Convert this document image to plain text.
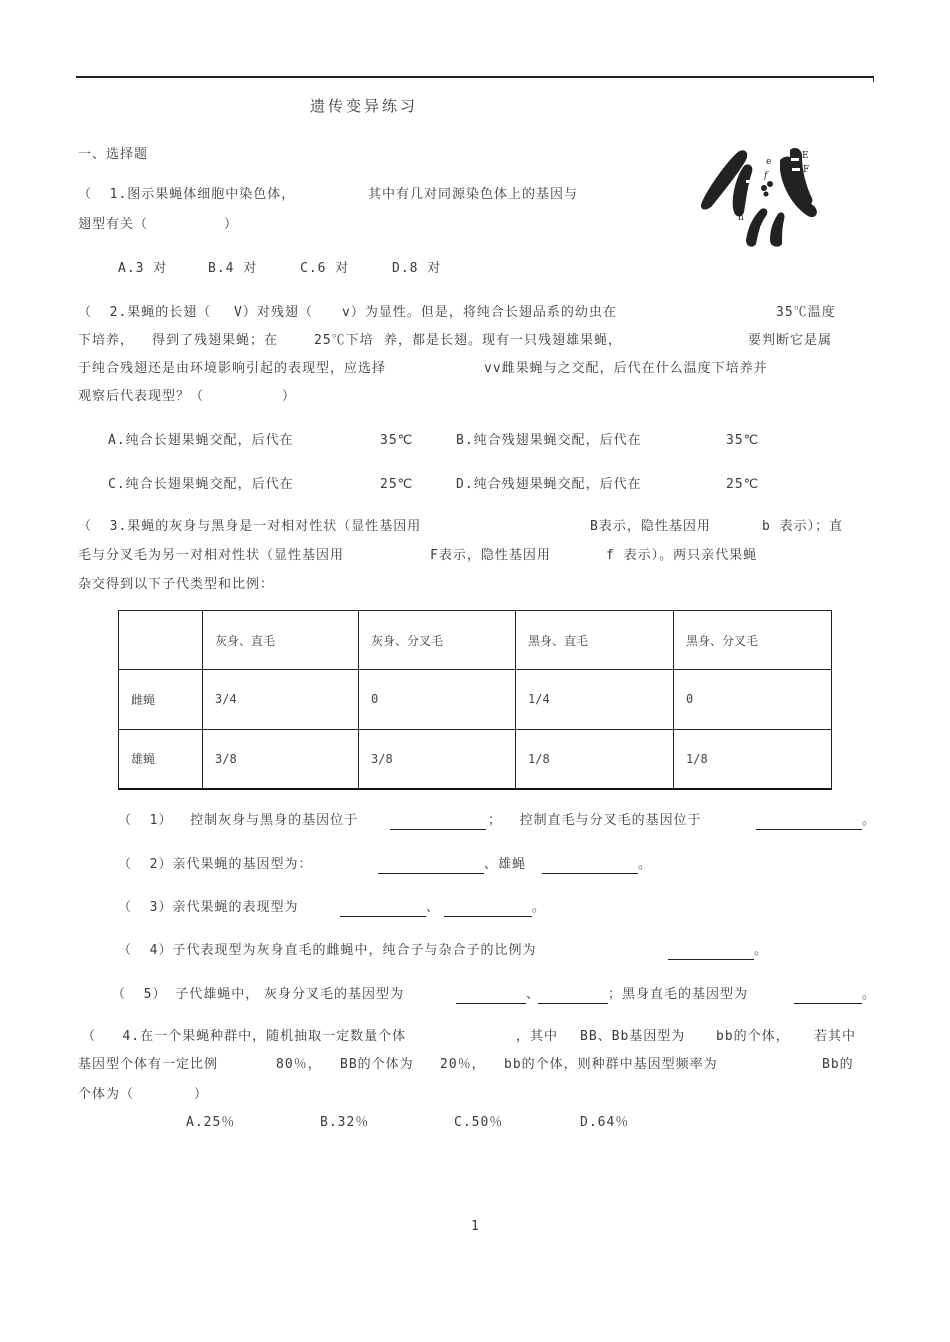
遗传变异练习
一、选择题	e
f
E
F
h
（  1.图示果蝇体细胞中染色体，	其中有几对同源染色体上的基因与
翅型有关（	）
A.3 对	B.4 对	C.6 对	D.8 对
（  2.果蝇的长翅（ V）对残翅（ v）为显性。但是，将纯合长翅品系的幼虫在	35℃温度
下培养， 得到了残翅果蝇；在	25℃下培 养，都是长翅。现有一只残翅雄果蝇，	要判断它是属
于纯合残翅还是由环境影响引起的表现型，应选择	vv雌果蝇与之交配，后代在什么温度下培养并
观察后代表现型？（	）
A.纯合长翅果蝇交配，后代在	35℃	B.纯合残翅果蝇交配，后代在	35℃
C.纯合长翅果蝇交配，后代在	25℃	D.纯合残翅果蝇交配，后代在	25℃
（  3.果蝇的灰身与黑身是一对相对性状（显性基因用	B表示，隐性基因用	b 表示）；直
毛与分叉毛为另一对相对性状（显性基因用	F表示，隐性基因用	f 表示）。两只亲代果蝇
杂交得到以下子代类型和比例：
	灰身、直毛	灰身、分叉毛	黑身、直毛	黑身、分叉毛
雌蝇	3/4	0	1/4	0
雄蝇	3/8	3/8	1/8	1/8
（  1）  控制灰身与黑身的基因位于	；  控制直毛与分叉毛的基因位于	。
（  2）亲代果蝇的基因型为：	、雄蝇	。
（  3）亲代果蝇的表现型为	、	。
（  4）子代表现型为灰身直毛的雌蝇中，纯合子与杂合子的比例为	。
（  5） 子代雄蝇中， 灰身分叉毛的基因型为	、	；黑身直毛的基因型为	。
（   4.在一个果蝇种群中，随机抽取一定数量个体	，其中 BB、Bb基因型为 bb的个体， 若其中
基因型个体有一定比例	80％， BB的个体为 20％， bb的个体，则种群中基因型频率为	Bb的
个体为（	）
A.25％	B.32％	C.50％	D.64％
1
